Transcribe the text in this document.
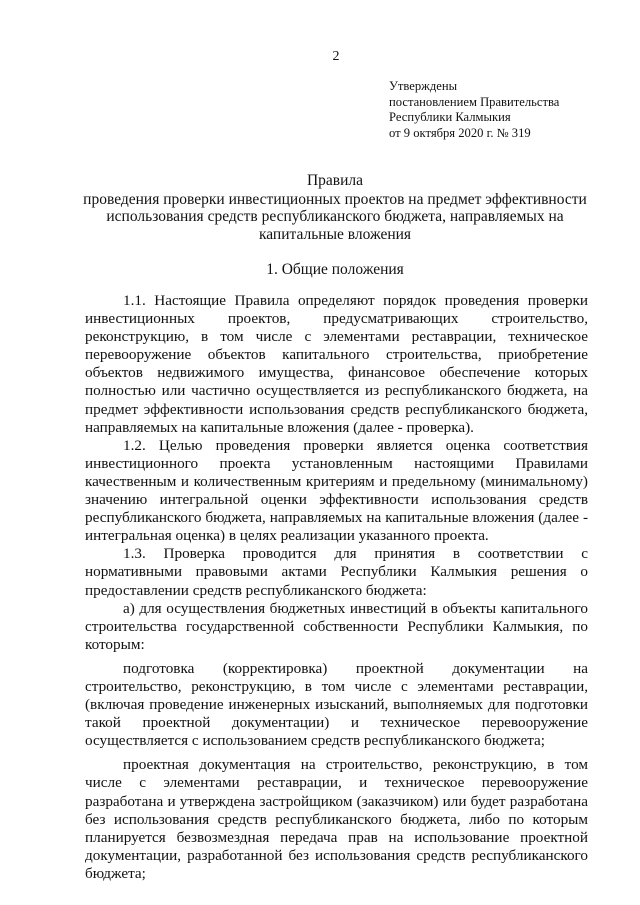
2
Утверждены
постановлением Правительства
Республики Калмыкия
от 9 октября 2020 г. № 319
Правила
проведения проверки инвестиционных проектов на предмет эффективности использования средств республиканского бюджета, направляемых на капитальные вложения
1. Общие положения

1.1. Настоящие Правила определяют порядок проведения проверки инвестиционных проектов, предусматривающих строительство, реконструкцию, в том числе с элементами реставрации, техническое перевооружение объектов капитального строительства, приобретение объектов недвижимого имущества, финансовое обеспечение которых полностью или частично осуществляется из республиканского бюджета, на предмет эффективности использования средств республиканского бюджета, направляемых на капитальные вложения (далее - проверка).

1.2. Целью проведения проверки является оценка соответствия инвестиционного проекта установленным настоящими Правилами качественным и количественным критериям и предельному (минимальному) значению интегральной оценки эффективности использования средств республиканского бюджета, направляемых на капитальные вложения (далее - интегральная оценка) в целях реализации указанного проекта.

1.3. Проверка проводится для принятия в соответствии с нормативными правовыми актами Республики Калмыкия решения о предоставлении средств республиканского бюджета:

а) для осуществления бюджетных инвестиций в объекты капитального строительства государственной собственности Республики Калмыкия, по которым:

подготовка (корректировка) проектной документации на строительство, реконструкцию, в том числе с элементами реставрации, (включая проведение инженерных изысканий, выполняемых для подготовки такой проектной документации) и техническое перевооружение осуществляется с использованием средств республиканского бюджета;

проектная документация на строительство, реконструкцию, в том числе с элементами реставрации, и техническое перевооружение разработана и утверждена застройщиком (заказчиком) или будет разработана без использования средств республиканского бюджета, либо по которым планируется безвозмездная передача прав на использование проектной документации, разработанной без использования средств республиканского бюджета;
